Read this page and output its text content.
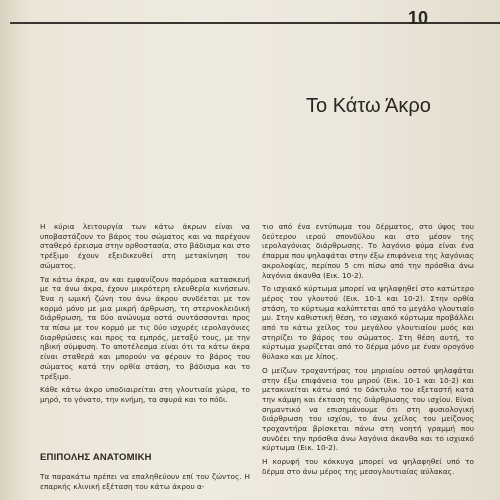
10
Το Κάτω Άκρο

Η κύρια λειτουργία των κάτω άκρων είναι να υποβαστάζουν το βάρος του σώματος και να παρέχουν σταθερό έρεισμα στην ορθοστασία, στο βάδισμα και στο τρέξιμο έχουν εξειδικευθεί στη μετακίνηση του σώματος.

Τα κάτω άκρα, αν και εμφανίζουν παρόμοια κατασκευή με τα άνω άκρα, έχουν μικρότερη ελευθερία κινήσεων. Ένα η ωμική ζώνη του άνω άκρου συνδέεται με τον κορμό μόνο με μια μικρή άρθρωση, τη στερνοκλειδική διάρθρωση, τα δύο ανώνυμα οστά συντάσσονται προς τα πίσω με τον κορμό με τις δύο ισχυρές ιερολαγόνιες διαρθρώσεις και προς τα εμπρός, μεταξύ τους, με την ηβική σύμφυση. Το αποτέλεσμα είναι ότι τα κάτω άκρα είναι σταθερά και μπορούν να φέρουν το βάρος του σώματος κατά την ορθία στάση, το βάδισμα και το τρέξιμο.

Κάθε κάτω άκρο υποδιαιρείται στη γλουτιαία χώρα, το μηρό, το γόνατο, την κνήμη, τα σφυρά και το πόδι.

ΕΠΙΠΟΛΗΣ ΑΝΑΤΟΜΙΚΗ
Τα παρακάτω πρέπει να επαληθεύουν επί του ζώντος. Η επαρκής κλινική εξέταση του κάτω άκρου α-

τιο από ένα εντύπωμα του δέρματος, στο ύψος του δεύτερου ιερού σπονδύλου και στο μέσον της ιερολαγόνιας διάρθρωσης. Το λαγόνιο φύμα είναι ένα έπαρμα που ψηλαφάται στην έξω επιφάνεια της λαγόνιας ακρολοφίας, περίπου 5 cm πίσω από την πρόσθια άνω λαγόνια άκανθα (Εικ. 10-2).

Το ισχιακό κύρτωμα μπορεί να ψηλαφηθεί στο κατώτερο μέρος του γλουτού (Εικ. 10-1 και 10-2). Στην ορθία στάση, το κύρτωμα καλύπτεται από το μεγάλο γλουτιαίο μυ. Στην καθιστική θέση, το ισχιακό κύρτωμα προβάλλει από το κάτω χείλος του μεγάλου γλουτιαίου μυός και στηρίζει το βάρος του σώματος. Στη θέση αυτή, το κύρτωμα χωρίζεται από το δέρμα μόνο με έναν ορογόνο θύλακο και με λίπος.

Ο μείζων τροχαντήρας του μηριαίου οστού ψηλαφάται στην έξω επιφάνεια του μηρού (Εικ. 10-1 και 10-2) και μετακινείται κάτω από το δάκτυλο του εξεταστή κατά την κάμψη και έκταση της διάρθρωσης του ισχίου. Είναι σημαντικό να επισημάνουμε ότι στη φυσιολογική διάρθρωση του ισχίου, το άνω χείλος του μείζονος τροχαντήρα βρίσκεται πάνω στη νοητή γραμμή που συνδέει την πρόσθια άνω λαγόνια άκανθα και το ισχιακό κύρτωμα (Εικ. 10-2).

Η κορυφή του κόκκυγα μπορεί να ψηλαφηθεί υπό το δέρμα στο άνω μέρος της μεσογλουτιαίας αύλακας.
